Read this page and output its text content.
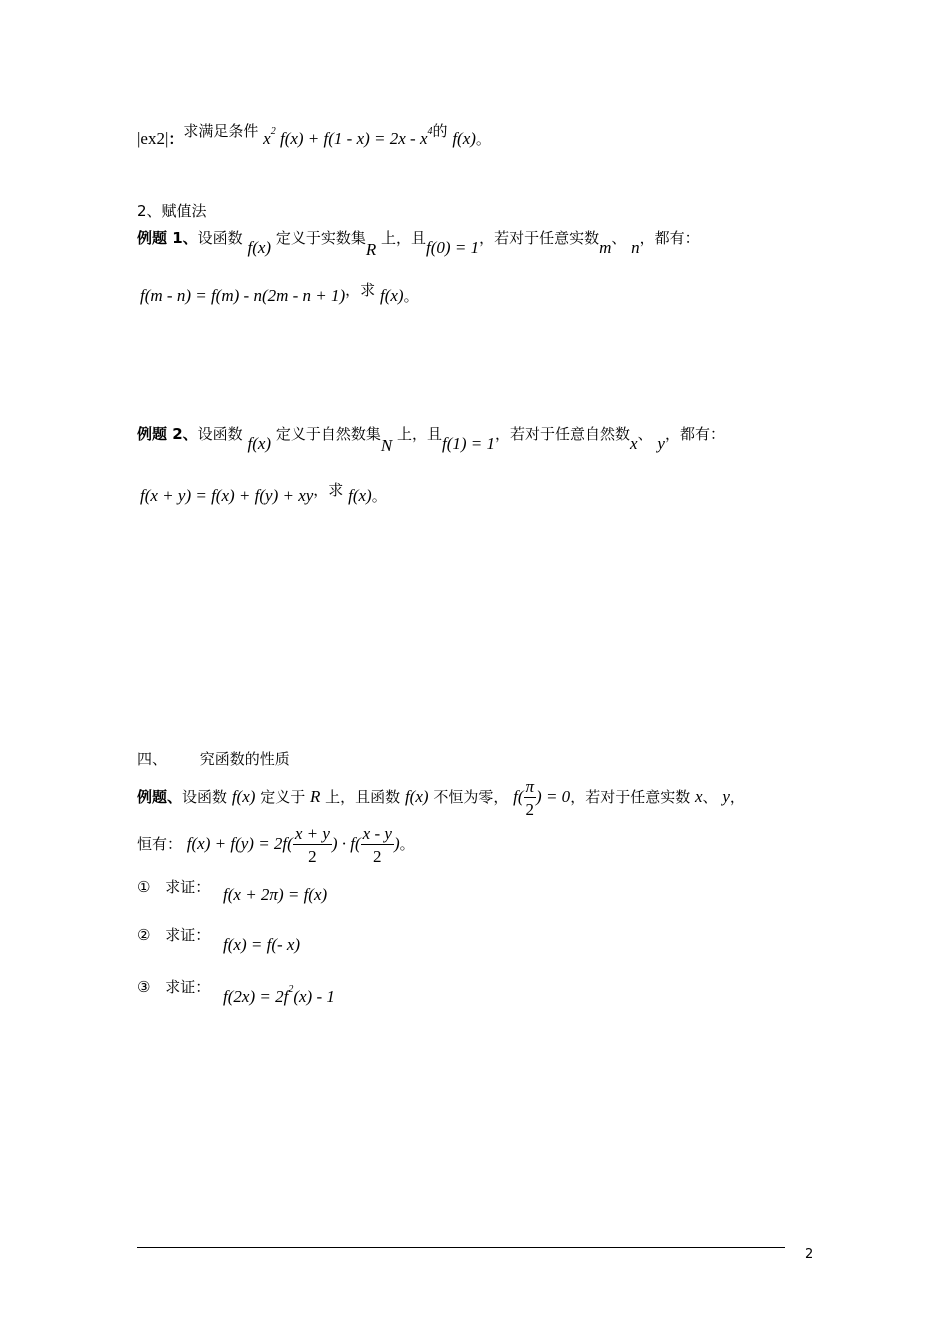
|ex2|：求满足条件 $x^2$ $f(x) + f(1 - x) = 2x - x^4$的 f(x)。
2、赋值法
例题 1、设函数 f(x) 定义于实数集R 上，且f(0) = 1，若对于任意实数m、 n，都有：
f(m - n) = f(m) - n(2m - n + 1)，求 f(x)。
例题 2、设函数 f(x) 定义于自然数集N 上，且f(1) = 1，若对于任意自然数x、 y，都有：
f(x + y) = f(x) + f(y) + xy，求 f(x)。
四、 究函数的性质
例题、设函数 f(x) 定义于 R 上，且函数 f(x) 不恒为零， $f( \frac{\pi}{2}$ ) = 0，若对于任意实数 x、 y，
恒有： $f(x) + f(y) = 2f( \frac{x + y}{2}$ ) · $f( \frac{x - y}{2}$ )。
① 求证： f(x + 2π) = f(x)
② 求证： f(x) = f(- x)
③ 求证： $f(2x) = 2f^2(x) - 1$
2
